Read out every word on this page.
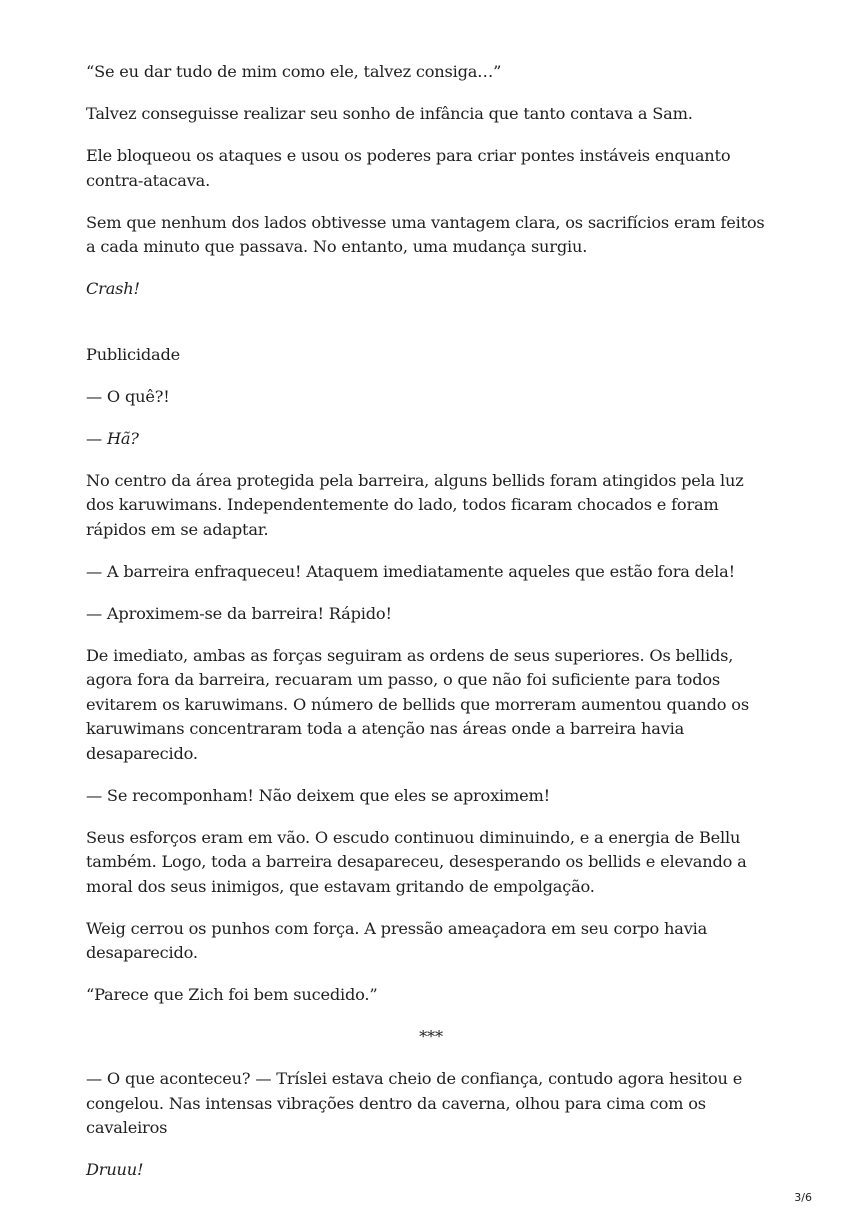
“Se eu dar tudo de mim como ele, talvez consiga…”

Talvez conseguisse realizar seu sonho de infância que tanto contava a Sam.

Ele bloqueou os ataques e usou os poderes para criar pontes instáveis enquanto contra-atacava.

Sem que nenhum dos lados obtivesse uma vantagem clara, os sacrifícios eram feitos a cada minuto que passava. No entanto, uma mudança surgiu.

Crash!

Publicidade

— O quê?!

— Hã?

No centro da área protegida pela barreira, alguns bellids foram atingidos pela luz dos karuwimans. Independentemente do lado, todos ficaram chocados e foram rápidos em se adaptar.

— A barreira enfraqueceu! Ataquem imediatamente aqueles que estão fora dela!

— Aproximem-se da barreira! Rápido!

De imediato, ambas as forças seguiram as ordens de seus superiores. Os bellids, agora fora da barreira, recuaram um passo, o que não foi suficiente para todos evitarem os karuwimans. O número de bellids que morreram aumentou quando os karuwimans concentraram toda a atenção nas áreas onde a barreira havia desaparecido.

— Se recomponham! Não deixem que eles se aproximem!

Seus esforços eram em vão. O escudo continuou diminuindo, e a energia de Bellu também. Logo, toda a barreira desapareceu, desesperando os bellids e elevando a moral dos seus inimigos, que estavam gritando de empolgação.

Weig cerrou os punhos com força. A pressão ameaçadora em seu corpo havia desaparecido.

“Parece que Zich foi bem sucedido.”

***

— O que aconteceu? — Tríslei estava cheio de confiança, contudo agora hesitou e congelou. Nas intensas vibrações dentro da caverna, olhou para cima com os cavaleiros

Druuu!

3/6
